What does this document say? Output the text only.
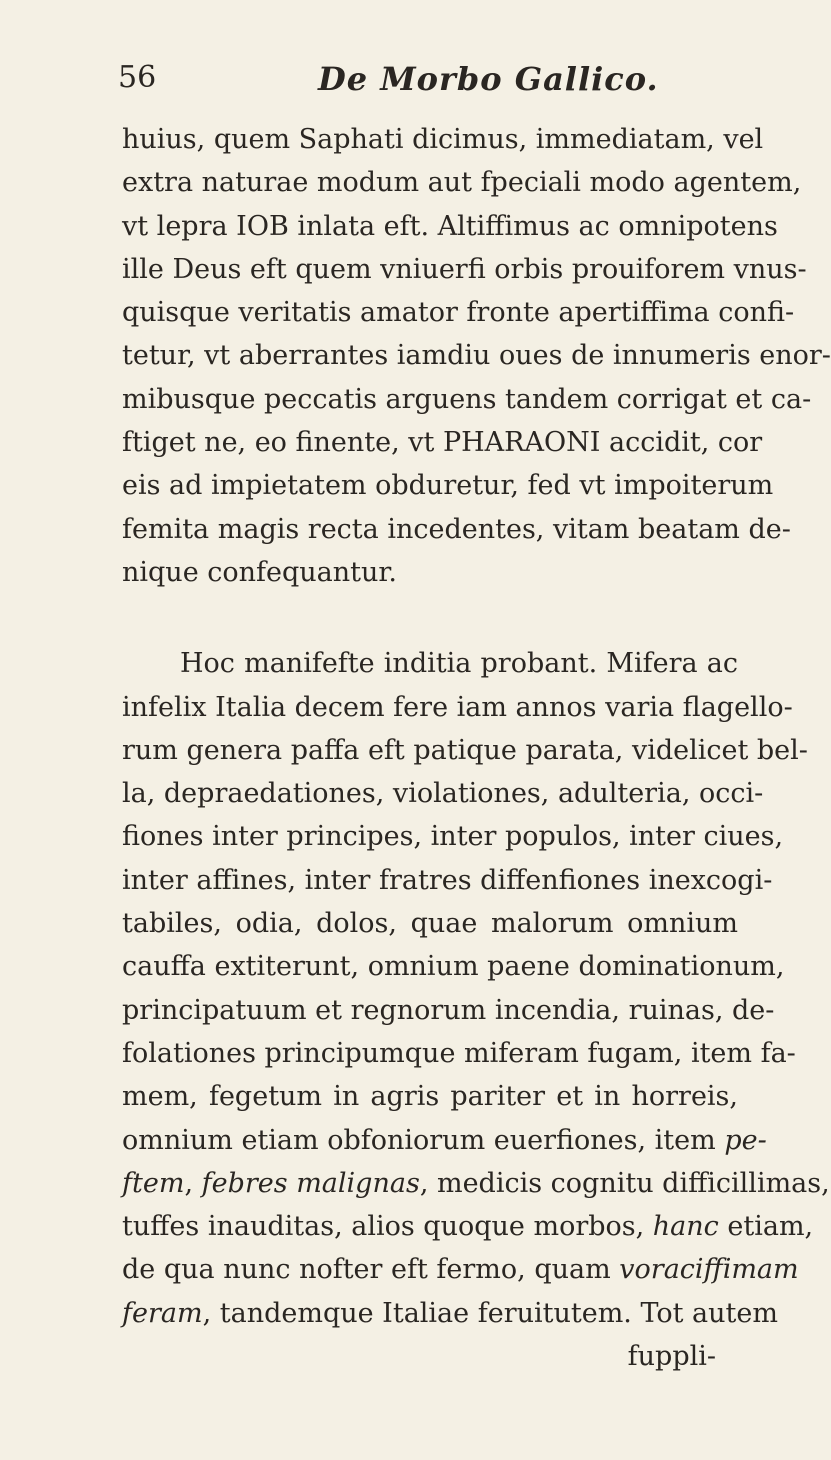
56	De Morbo Gallico.
huius, quem Saphati dicimus, immediatam, vel
extra naturae modum aut fpeciali modo agentem,
vt lepra IOB inlata eft. Altiffimus ac omnipotens
ille Deus eft quem vniuerfi orbis prouiforem vnus-
quisque veritatis amator fronte apertiffima confi-
tetur, vt aberrantes iamdiu oues de innumeris enor-
mibusque peccatis arguens tandem corrigat et ca-
ftiget ne, eo finente, vt PHARAONI accidit, cor
eis ad impietatem obduretur, fed vt impoiterum
femita magis recta incedentes, vitam beatam de-
nique confequantur.
Hoc manifefte inditia probant. Mifera ac
infelix Italia decem fere iam annos varia flagello-
rum genera paffa eft patique parata, videlicet bel-
la, depraedationes, violationes, adulteria, occi-
fiones inter principes, inter populos, inter ciues,
inter affines, inter fratres diffenfiones inexcogi-
tabiles, odia, dolos, quae malorum omnium
cauffa extiterunt, omnium paene dominationum,
principatuum et regnorum incendia, ruinas, de-
folationes principumque miferam fugam, item fa-
mem, fegetum in agris pariter et in horreis,
omnium etiam obfoniorum euerfiones, item pe-
ftem, febres malignas, medicis cognitu difficillimas,
tuffes inauditas, alios quoque morbos, hanc etiam,
de qua nunc nofter eft fermo, quam voraciffimam
feram, tandemque Italiae feruitutem. Tot autem
fuppli-
